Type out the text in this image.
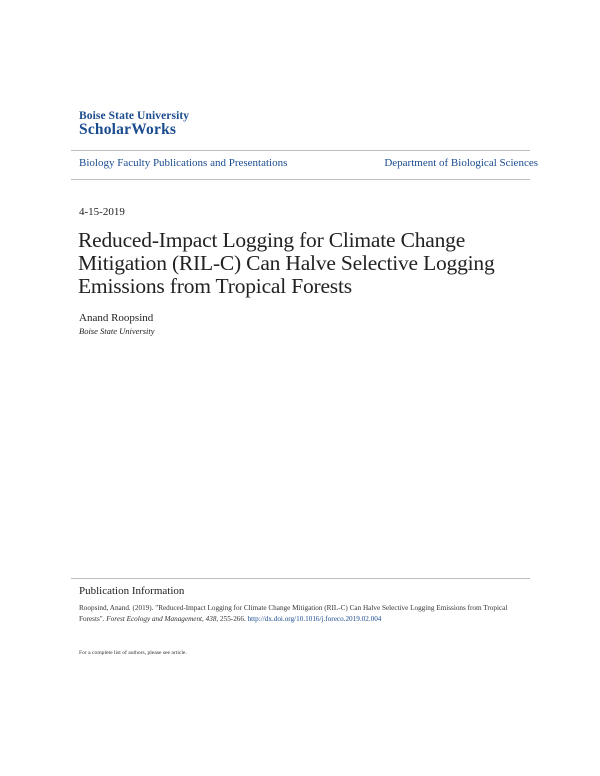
Boise State University
ScholarWorks
Biology Faculty Publications and Presentations	Department of Biological Sciences
4-15-2019
Reduced-Impact Logging for Climate Change Mitigation (RIL-C) Can Halve Selective Logging Emissions from Tropical Forests
Anand Roopsind
Boise State University
Publication Information
Roopsind, Anand. (2019). "Reduced-Impact Logging for Climate Change Mitigation (RIL-C) Can Halve Selective Logging Emissions from Tropical Forests". Forest Ecology and Management, 438, 255-266. http://dx.doi.org/10.1016/j.foreco.2019.02.004
For a complete list of authors, please see article.
